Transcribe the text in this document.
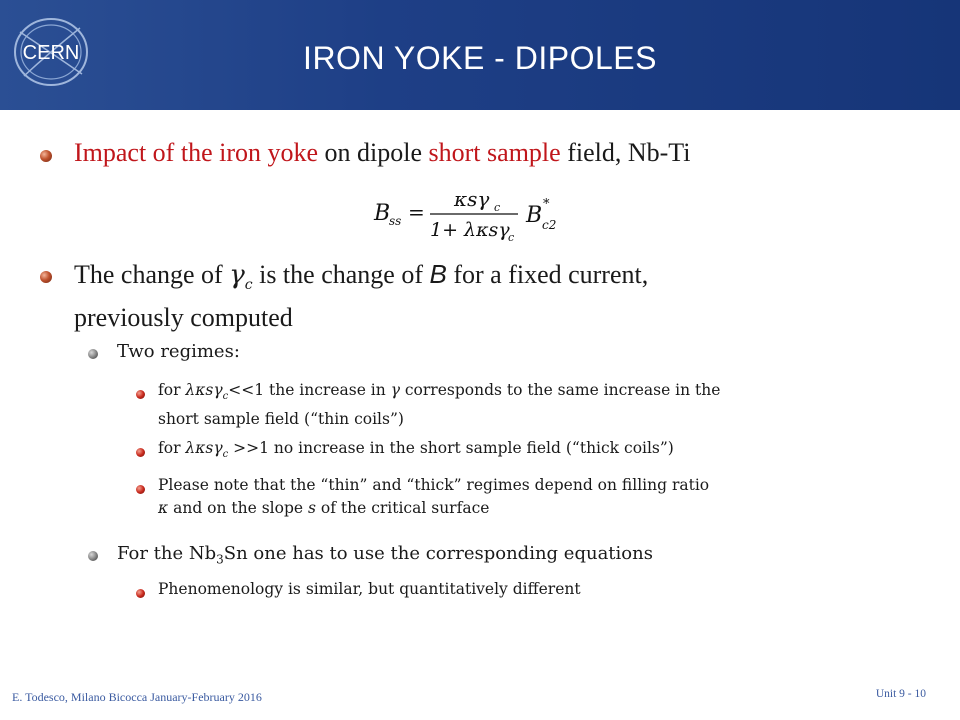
CERN	IRON YOKE - DIPOLES
Impact of the iron yoke on dipole short sample field, Nb-Ti
B
ss =
κsγ c
1+ λκsγ
c
B *
c2
The change of $\gamma_c$ is the change of B for a fixed current,
previously computed
Two regimes:
for λκsγ$_c$<<1 the increase in γ corresponds to the same increase in the
short sample field (“thin coils”)
for λκsγ$_c$ >>1 no increase in the short sample field (“thick coils”)
Please note that the “thin” and “thick” regimes depend on filling ratio
κ and on the slope s of the critical surface
For the $Nb_3Sn$ one has to use the corresponding equations
Phenomenology is similar, but quantitatively different
E. Todesco, Milano Bicocca January-February 2016	Unit 9 - 10
